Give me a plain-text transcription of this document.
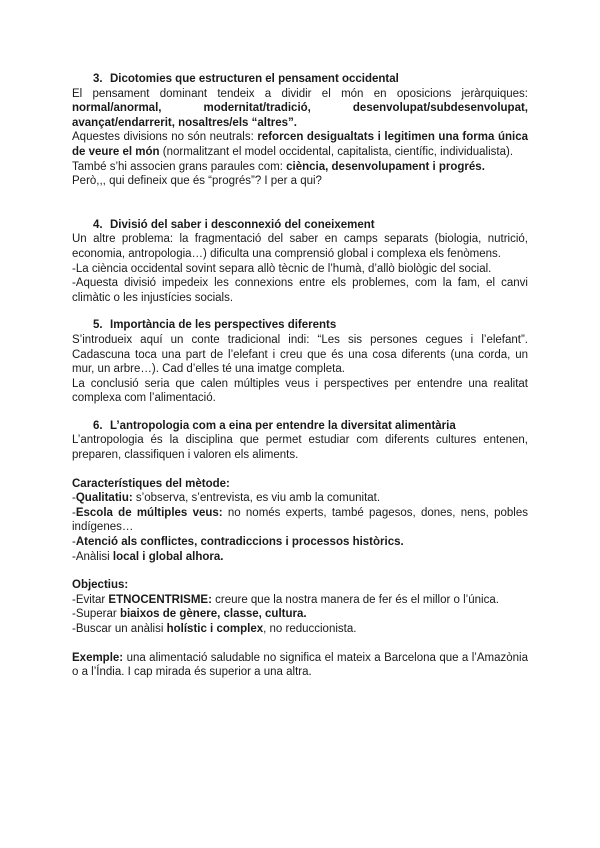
3. Dicotomies que estructuren el pensament occidental

El pensament dominant tendeix a dividir el món en oposicions jeràrquiques: normal/anormal, modernitat/tradició, desenvolupat/subdesenvolupat, avançat/endarrerit, nosaltres/els “altres”.

Aquestes divisions no són neutrals: reforcen desigualtats i legitimen una forma única de veure el món (normalitzant el model occidental, capitalista, científic, individualista).

També s’hi associen grans paraules com: ciència, desenvolupament i progrés.

Però,,, qui defineix que és “progrés”? I per a qui?

4. Divisió del saber i desconnexió del coneixement

Un altre problema: la fragmentació del saber en camps separats (biologia, nutrició, economia, antropologia…) dificulta una comprensió global i complexa els fenòmens.

-La ciència occidental sovint separa allò tècnic de l’humà, d’allò biològic del social.

-Aquesta divisió impedeix les connexions entre els problemes, com la fam, el canvi climàtic o les injustícies socials.

5. Importància de les perspectives diferents

S’introdueix aquí un conte tradicional indi: “Les sis persones cegues i l’elefant”. Cadascuna toca una part de l’elefant i creu que és una cosa diferents (una corda, un mur, un arbre…). Cad d’elles té una imatge completa.

La conclusió seria que calen múltiples veus i perspectives per entendre una realitat complexa com l’alimentació.

6. L’antropologia com a eina per entendre la diversitat alimentària

L’antropologia és la disciplina que permet estudiar com diferents cultures entenen, preparen, classifiquen i valoren els aliments.

Característiques del mètode:

-Qualitatiu: s’observa, s’entrevista, es viu amb la comunitat.

-Escola de múltiples veus: no només experts, també pagesos, dones, nens, pobles indígenes…

-Atenció als conflictes, contradiccions i processos històrics.

-Anàlisi local i global alhora.

Objectius:

-Evitar ETNOCENTRISME: creure que la nostra manera de fer és el millor o l’única.

-Superar biaixos de gènere, classe, cultura.

-Buscar un anàlisi holístic i complex, no reduccionista.

Exemple: una alimentació saludable no significa el mateix a Barcelona que a l’Amazònia o a l’Índia. I cap mirada és superior a una altra.
